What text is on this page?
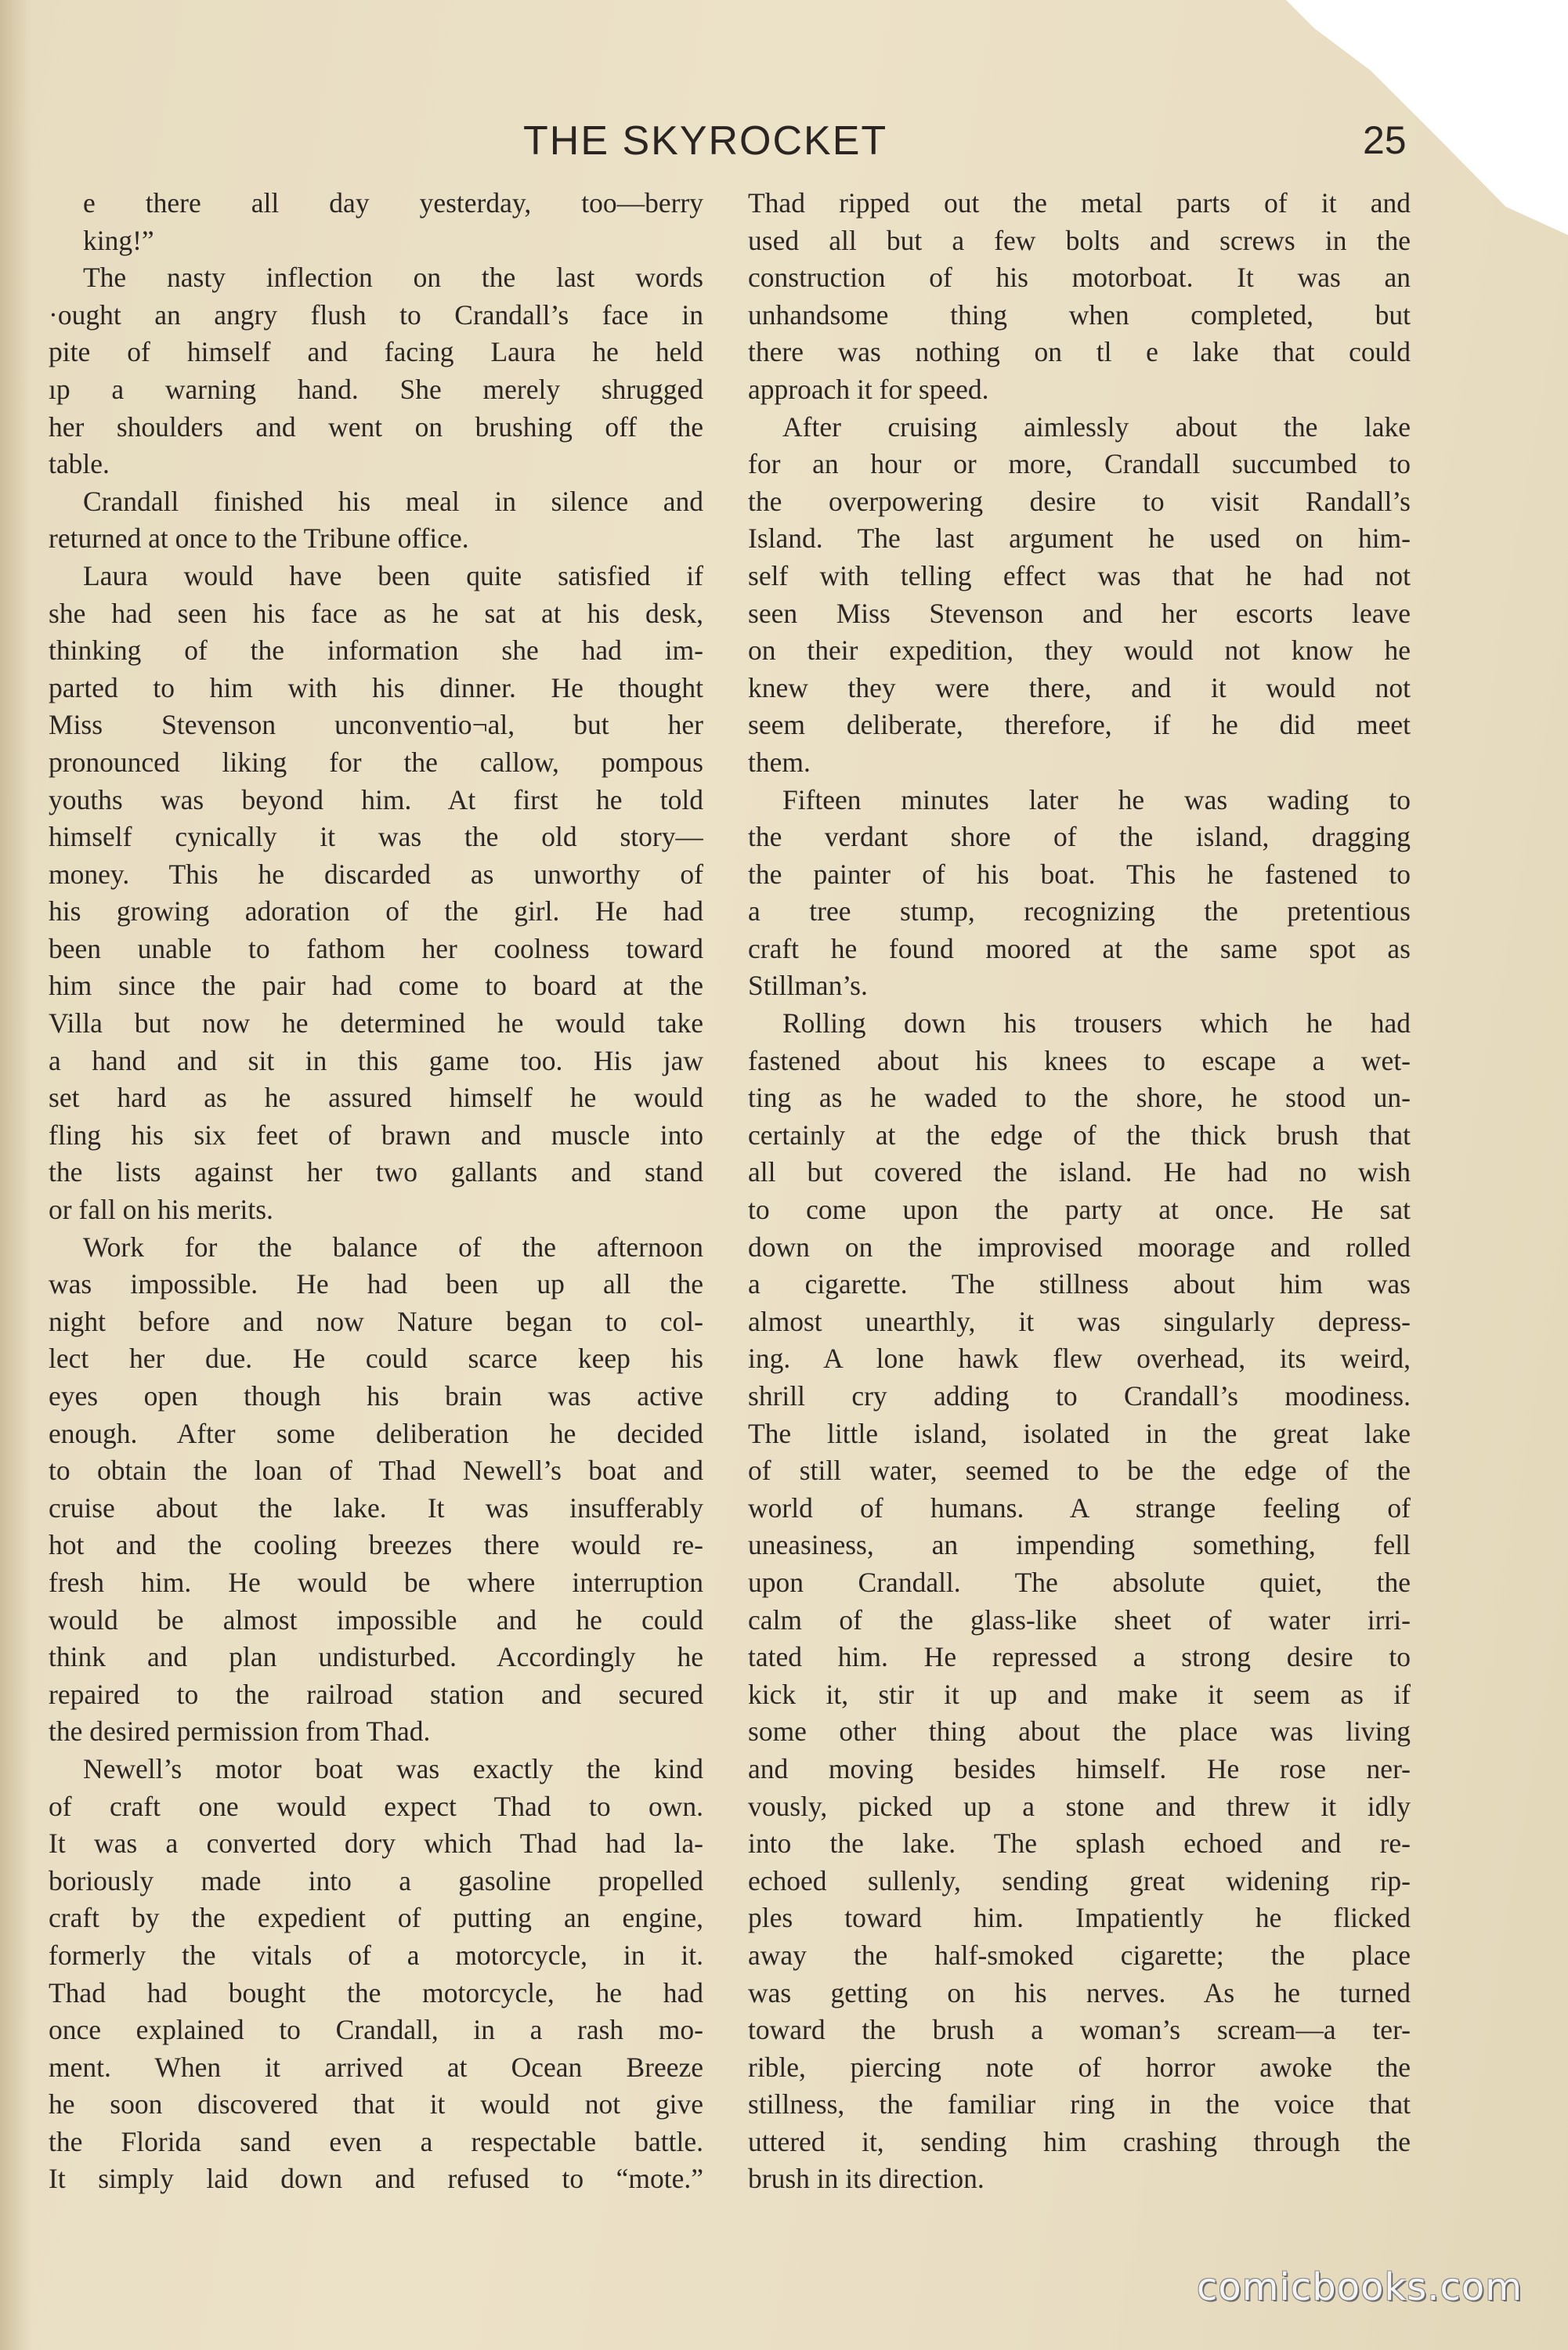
THE SKYROCKET	25
e there all day yesterday, too—berry
king!”
The nasty inflection on the last words
·ought an angry flush to Crandall’s face in
pite of himself and facing Laura he held
ıp a warning hand. She merely shrugged
her shoulders and went on brushing off the
table.
Crandall finished his meal in silence and
returned at once to the Tribune office.
Laura would have been quite satisfied if
she had seen his face as he sat at his desk,
thinking of the information she had im-
parted to him with his dinner. He thought
Miss Stevenson unconventio¬al, but her
pronounced liking for the callow, pompous
youths was beyond him. At first he told
himself cynically it was the old story—
money. This he discarded as unworthy of
his growing adoration of the girl. He had
been unable to fathom her coolness toward
him since the pair had come to board at the
Villa but now he determined he would take
a hand and sit in this game too. His jaw
set hard as he assured himself he would
fling his six feet of brawn and muscle into
the lists against her two gallants and stand
or fall on his merits.
Work for the balance of the afternoon
was impossible. He had been up all the
night before and now Nature began to col-
lect her due. He could scarce keep his
eyes open though his brain was active
enough. After some deliberation he decided
to obtain the loan of Thad Newell’s boat and
cruise about the lake. It was insufferably
hot and the cooling breezes there would re-
fresh him. He would be where interruption
would be almost impossible and he could
think and plan undisturbed. Accordingly he
repaired to the railroad station and secured
the desired permission from Thad.
Newell’s motor boat was exactly the kind
of craft one would expect Thad to own.
It was a converted dory which Thad had la-
boriously made into a gasoline propelled
craft by the expedient of putting an engine,
formerly the vitals of a motorcycle, in it.
Thad had bought the motorcycle, he had
once explained to Crandall, in a rash mo-
ment. When it arrived at Ocean Breeze
he soon discovered that it would not give
the Florida sand even a respectable battle.
It simply laid down and refused to “mote.”
Thad ripped out the metal parts of it and
used all but a few bolts and screws in the
construction of his motorboat. It was an
unhandsome thing when completed, but
there was nothing on tl e lake that could
approach it for speed.
After cruising aimlessly about the lake
for an hour or more, Crandall succumbed to
the overpowering desire to visit Randall’s
Island. The last argument he used on him-
self with telling effect was that he had not
seen Miss Stevenson and her escorts leave
on their expedition, they would not know he
knew they were there, and it would not
seem deliberate, therefore, if he did meet
them.
Fifteen minutes later he was wading to
the verdant shore of the island, dragging
the painter of his boat. This he fastened to
a tree stump, recognizing the pretentious
craft he found moored at the same spot as
Stillman’s.
Rolling down his trousers which he had
fastened about his knees to escape a wet-
ting as he waded to the shore, he stood un-
certainly at the edge of the thick brush that
all but covered the island. He had no wish
to come upon the party at once. He sat
down on the improvised moorage and rolled
a cigarette. The stillness about him was
almost unearthly, it was singularly depress-
ing. A lone hawk flew overhead, its weird,
shrill cry adding to Crandall’s moodiness.
The little island, isolated in the great lake
of still water, seemed to be the edge of the
world of humans. A strange feeling of
uneasiness, an impending something, fell
upon Crandall. The absolute quiet, the
calm of the glass-like sheet of water irri-
tated him. He repressed a strong desire to
kick it, stir it up and make it seem as if
some other thing about the place was living
and moving besides himself. He rose ner-
vously, picked up a stone and threw it idly
into the lake. The splash echoed and re-
echoed sullenly, sending great widening rip-
ples toward him. Impatiently he flicked
away the half-smoked cigarette; the place
was getting on his nerves. As he turned
toward the brush a woman’s scream—a ter-
rible, piercing note of horror awoke the
stillness, the familiar ring in the voice that
uttered it, sending him crashing through the
brush in its direction.
comicbooks.com
